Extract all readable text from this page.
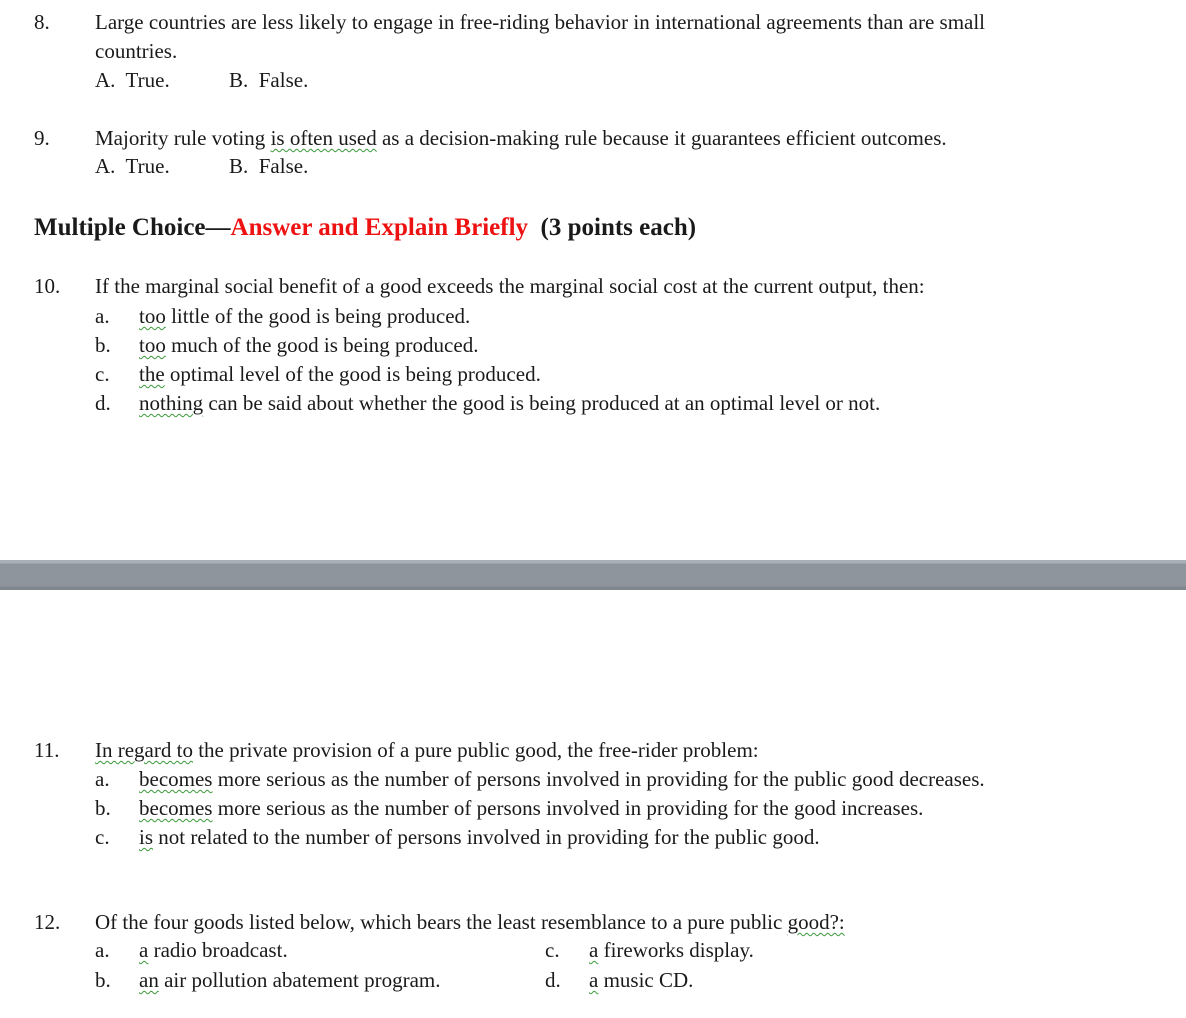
8. Large countries are less likely to engage in free-riding behavior in international agreements than are small
countries.
A.  True.	B.  False.
9. Majority rule voting is often used as a decision-making rule because it guarantees efficient outcomes.
A.  True.	B.  False.
Multiple Choice—Answer and Explain Briefly (3 points each)
10. If the marginal social benefit of a good exceeds the marginal social cost at the current output, then:
a. too little of the good is being produced.
b. too much of the good is being produced.
c. the optimal level of the good is being produced.
d. nothing can be said about whether the good is being produced at an optimal level or not.
11. In regard to the private provision of a pure public good, the free-rider problem:
a. becomes more serious as the number of persons involved in providing for the public good decreases.
b. becomes more serious as the number of persons involved in providing for the good increases.
c. is not related to the number of persons involved in providing for the public good.
12. Of the four goods listed below, which bears the least resemblance to a pure public good?:
a. a radio broadcast.
b. an air pollution abatement program.
c. a fireworks display.
d. a music CD.
